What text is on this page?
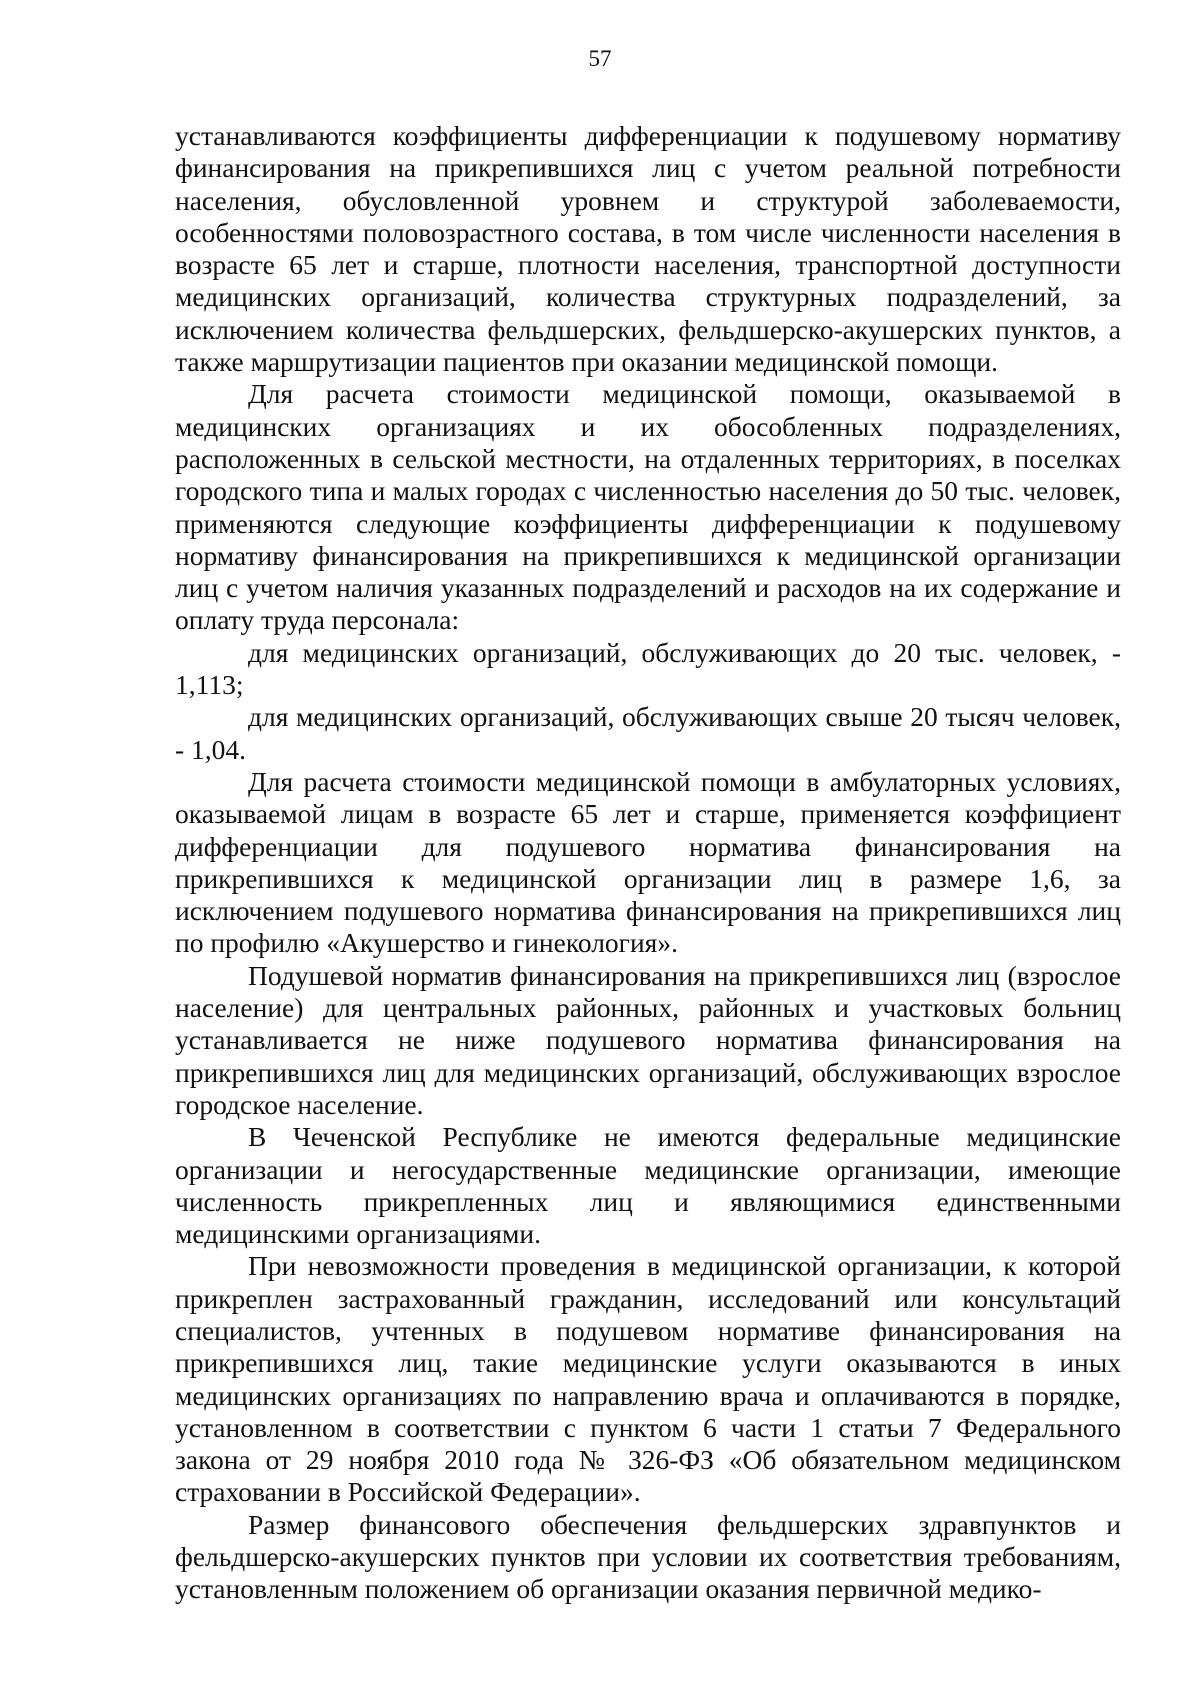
57

устанавливаются коэффициенты дифференциации к подушевому нормативу финансирования на прикрепившихся лиц с учетом реальной потребности населения, обусловленной уровнем и структурой заболеваемости, особенностями половозрастного состава, в том числе численности населения в возрасте 65 лет и старше, плотности населения, транспортной доступности медицинских организаций, количества структурных подразделений, за исключением количества фельдшерских, фельдшерско-акушерских пунктов, а также маршрутизации пациентов при оказании медицинской помощи.

Для расчета стоимости медицинской помощи, оказываемой в медицинских организациях и их обособленных подразделениях, расположенных в сельской местности, на отдаленных территориях, в поселках городского типа и малых городах с численностью населения до 50 тыс. человек, применяются следующие коэффициенты дифференциации к подушевому нормативу финансирования на прикрепившихся к медицинской организации лиц с учетом наличия указанных подразделений и расходов на их содержание и оплату труда персонала:

для медицинских организаций, обслуживающих до 20 тыс. человек, - 1,113;

для медицинских организаций, обслуживающих свыше 20 тысяч человек, - 1,04.

Для расчета стоимости медицинской помощи в амбулаторных условиях, оказываемой лицам в возрасте 65 лет и старше, применяется коэффициент дифференциации для подушевого норматива финансирования на прикрепившихся к медицинской организации лиц в размере 1,6, за исключением подушевого норматива финансирования на прикрепившихся лиц по профилю «Акушерство и гинекология».

Подушевой норматив финансирования на прикрепившихся лиц (взрослое население) для центральных районных, районных и участковых больниц устанавливается не ниже подушевого норматива финансирования на прикрепившихся лиц для медицинских организаций, обслуживающих взрослое городское население.

В Чеченской Республике не имеются федеральные медицинские организации и негосударственные медицинские организации, имеющие численность прикрепленных лиц и являющимися единственными медицинскими организациями.

При невозможности проведения в медицинской организации, к которой прикреплен застрахованный гражданин, исследований или консультаций специалистов, учтенных в подушевом нормативе финансирования на прикрепившихся лиц, такие медицинские услуги оказываются в иных медицинских организациях по направлению врача и оплачиваются в порядке, установленном в соответствии с пунктом 6 части 1 статьи 7 Федерального закона от 29 ноября 2010 года № 326-ФЗ «Об обязательном медицинском страховании в Российской Федерации».

Размер финансового обеспечения фельдшерских здравпунктов и фельдшерско-акушерских пунктов при условии их соответствия требованиям, установленным положением об организации оказания первичной медико-
